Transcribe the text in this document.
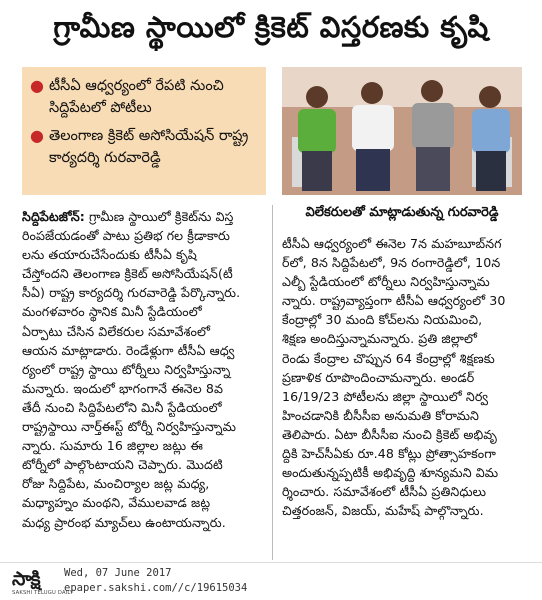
గ్రామీణ స్థాయిలో క్రికెట్ విస్తరణకు కృషి
● టీసీఏ ఆధ్వర్యంలో రేపటి నుంచి సిద్దిపేటలో పోటీలు
● తెలంగాణ క్రికెట్ అసోసియేషన్ రాష్ట్ర కార్యదర్శి గురవారెడ్డి
విలేకరులతో మాట్లాడుతున్న గురవారెడ్డి
సిద్దిపేటజోన్: గ్రామీణ స్థాయిలో క్రికెట్‌ను విస్త
రింపజేయడంతో పాటు ప్రతిభ గల క్రీడాకారు
లను తయారుచేసేందుకు టీసీఏ కృషి
చేస్తోందని తెలంగాణ క్రికెట్ అసోసియేషన్(టీ
సీఏ) రాష్ట్ర కార్యదర్శి గురవారెడ్డి పేర్కొన్నారు.
మంగళవారం స్థానిక మినీ స్టేడియంలో
ఏర్పాటు చేసిన విలేకరుల సమావేశంలో
ఆయన మాట్లాడారు. రెండేళ్లుగా టీసీఏ ఆధ్వ
ర్యంలో రాష్ట్ర స్థాయి టోర్నీలు నిర్వహిస్తున్నా
మన్నారు. ఇందులో భాగంగానే ఈనెల 8వ
తేదీ నుంచి సిద్దిపేటలోని మినీ స్టేడియంలో
రాష్ట్రస్థాయి నార్త్‌ఈస్ట్ టోర్నీ నిర్వహిస్తున్నామ
న్నారు. సుమారు 16 జిల్లాల జట్లు ఈ
టోర్నీలో పాల్గొంటాయని చెప్పారు. మొదటి
రోజు సిద్దిపేట, మంచిర్యాల జట్ల మధ్య,
మధ్యాహ్నం మంథని, వేములవాడ జట్ల
మధ్య ప్రారంభ మ్యాచ్‌లు ఉంటాయన్నారు.
టీసీఏ ఆధ్వర్యంలో ఈనెల 7న మహబూబ్‌నగ
ర్‌లో, 8న సిద్దిపేటలో, 9న రంగారెడ్డిలో, 10న
ఎల్బీ స్టేడియంలో టోర్నీలు నిర్వహిస్తున్నామ
న్నారు. రాష్ట్రవ్యాప్తంగా టీసీఏ ఆధ్వర్యంలో 30
కేంద్రాల్లో 30 మంది కోచ్‌లను నియమించి,
శిక్షణ అందిస్తున్నామన్నారు. ప్రతి జిల్లాలో
రెండు కేంద్రాల చొప్పున 64 కేంద్రాల్లో శిక్షణకు
ప్రణాళిక రూపొందించామన్నారు. అండర్
16/19/23 పోటీలను జిల్లా స్థాయిలో నిర్వ
హించడానికి బీసీసీఐ అనుమతి కోరామని
తెలిపారు. ఏటా బీసీసీఐ నుంచి క్రికెట్ అభివృ
ద్ధికి హెచ్‌సీఏకు రూ.48 కోట్లు ప్రోత్సాహకంగా
అందుతున్నప్పటికీ అభివృద్ధి శూన్యమని విమ
ర్శించారు. సమావేశంలో టీసీఏ ప్రతినిధులు
చిత్తరంజన్, విజయ్, మహేష్ పాల్గొన్నారు.
సాక్షి
SAKSHI TELUGU DAILY
Wed, 07 June 2017
epaper.sakshi.com//c/19615034
